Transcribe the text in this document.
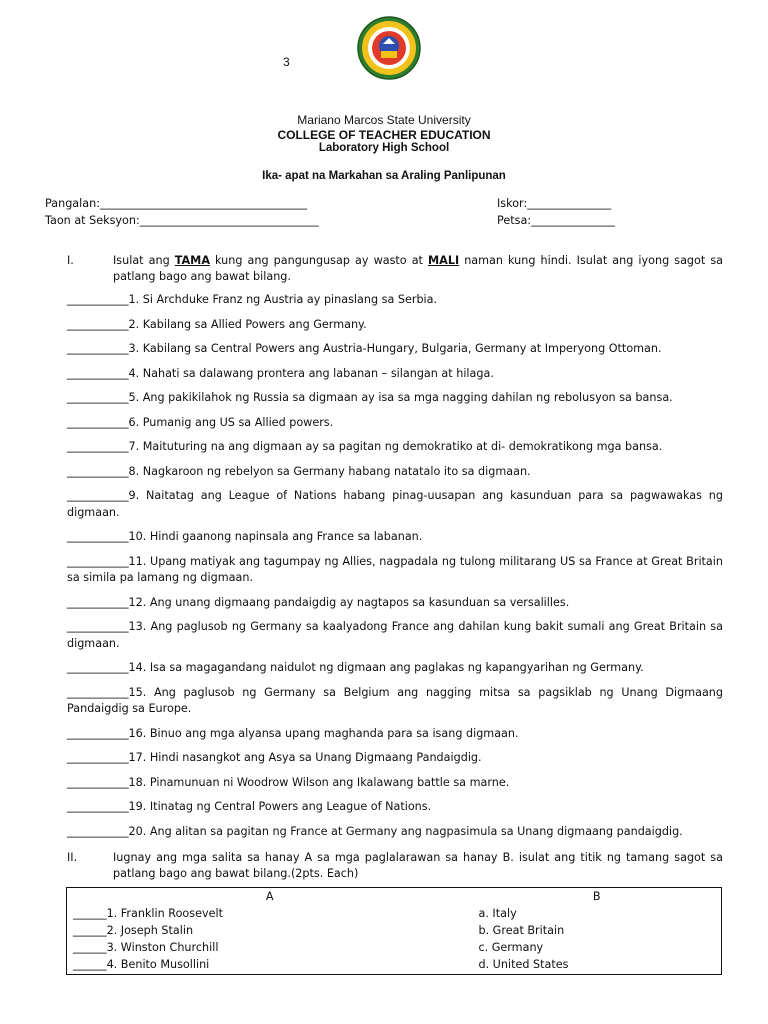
3
Mariano Marcos State University
COLLEGE OF TEACHER EDUCATION
Laboratory High School
Ika- apat na Markahan sa Araling Panlipunan
Pangalan:_____________________________________
Taon at Seksyon:________________________________
Iskor:_______________
Petsa:_______________
I.	Isulat ang TAMA kung ang pangungusap ay wasto at MALI naman kung hindi. Isulat ang iyong sagot sa patlang bago ang bawat bilang.
___________1. Si Archduke Franz ng Austria ay pinaslang sa Serbia.
___________2. Kabilang sa Allied Powers ang Germany.
___________3. Kabilang sa Central Powers ang Austria-Hungary, Bulgaria, Germany at Imperyong Ottoman.
___________4. Nahati sa dalawang prontera ang labanan – silangan at hilaga.
___________5. Ang pakikilahok ng Russia sa digmaan ay isa sa mga nagging dahilan ng rebolusyon sa bansa.
___________6. Pumanig ang US sa Allied powers.
___________7. Maituturing na ang digmaan ay sa pagitan ng demokratiko at di- demokratikong mga bansa.
___________8. Nagkaroon ng rebelyon sa Germany habang natatalo ito sa digmaan.
___________9. Naitatag ang League of Nations habang pinag-uusapan ang kasunduan para sa pagwawakas ng digmaan.
___________10. Hindi gaanong napinsala ang France sa labanan.
___________11. Upang matiyak ang tagumpay ng Allies, nagpadala ng tulong militarang US sa France at Great Britain sa simila pa lamang ng digmaan.
___________12. Ang unang digmaang pandaigdig ay nagtapos sa kasunduan sa versalilles.
___________13. Ang paglusob ng Germany sa kaalyadong France ang dahilan kung bakit sumali ang Great Britain sa digmaan.
___________14. Isa sa magagandang naidulot ng digmaan ang paglakas ng kapangyarihan ng Germany.
___________15. Ang paglusob ng Germany sa Belgium ang nagging mitsa sa pagsiklab ng Unang Digmaang Pandaigdig sa Europe.
___________16. Binuo ang mga alyansa upang maghanda para sa isang digmaan.
___________17. Hindi nasangkot ang Asya sa Unang Digmaang Pandaigdig.
___________18. Pinamunuan ni Woodrow Wilson ang Ikalawang battle sa marne.
___________19. Itinatag ng Central Powers ang League of Nations.
___________20. Ang alitan sa pagitan ng France at Germany ang nagpasimula sa Unang digmaang pandaigdig.
II.	Iugnay ang mga salita sa hanay A sa mga paglalarawan sa hanay B. isulat ang titik ng tamang sagot sa patlang bago ang bawat bilang.(2pts. Each)
A	B
______1. Franklin Roosevelt	a. Italy
______2. Joseph Stalin	b. Great Britain
______3. Winston Churchill	c. Germany
______4. Benito Musollini	d. United States
